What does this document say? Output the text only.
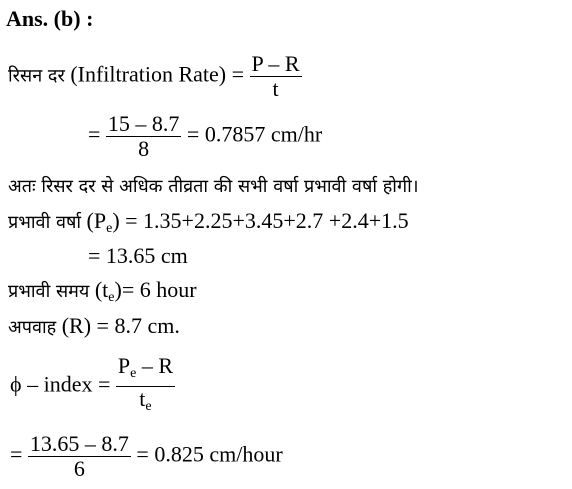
Ans. (b) :
रिसन दर (Infiltration Rate) = $\frac{P - R}{t}$
= $\frac{15 - 8.7}{8} = 0.7857$ cm/hr
अतः रिसर दर से अधिक तीव्रता की सभी वर्षा प्रभावी वर्षा होगी।
प्रभावी वर्षा $(P_e) = 1.35+2.25+3.45+2.7 +2.4+1.5$
= 13.65 cm
प्रभावी समय $(t_e)= 6$ hour
अपवाह (R) = 8.7 cm.
ϕ – index = $\frac{P_e - R}{t_e}$
= $\frac{13.65 - 8.7}{6} = 0.825$ cm/hour
